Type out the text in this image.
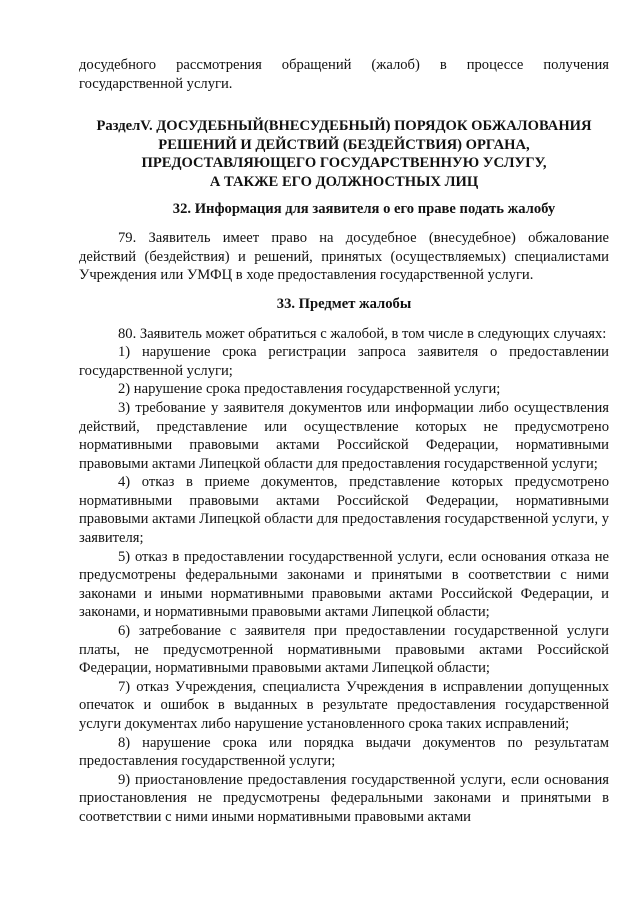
досудебного рассмотрения обращений (жалоб) в процессе получения государственной услуги.

РазделV. ДОСУДЕБНЫЙ(ВНЕСУДЕБНЫЙ) ПОРЯДОК ОБЖАЛОВАНИЯ
РЕШЕНИЙ И ДЕЙСТВИЙ (БЕЗДЕЙСТВИЯ) ОРГАНА,
ПРЕДОСТАВЛЯЮЩЕГО ГОСУДАРСТВЕННУЮ УСЛУГУ,
А ТАКЖЕ ЕГО ДОЛЖНОСТНЫХ ЛИЦ
32. Информация для заявителя о его праве подать жалобу

79. Заявитель имеет право на досудебное (внесудебное) обжалование действий (бездействия) и решений, принятых (осуществляемых) специалистами Учреждения или УМФЦ в ходе предоставления государственной услуги.

33. Предмет жалобы

80. Заявитель может обратиться с жалобой, в том числе в следующих случаях:

1) нарушение срока регистрации запроса заявителя о предоставлении государственной услуги;

2) нарушение срока предоставления государственной услуги;

3) требование у заявителя документов или информации либо осуществления действий, представление или осуществление которых не предусмотрено нормативными правовыми актами Российской Федерации, нормативными правовыми актами Липецкой области для предоставления государственной услуги;

4) отказ в приеме документов, представление которых предусмотрено нормативными правовыми актами Российской Федерации, нормативными правовыми актами Липецкой области для предоставления государственной услуги, у заявителя;

5) отказ в предоставлении государственной услуги, если основания отказа не предусмотрены федеральными законами и принятыми в соответствии с ними законами и иными нормативными правовыми актами Российской Федерации, и законами, и нормативными правовыми актами Липецкой области;

6) затребование с заявителя при предоставлении государственной услуги платы, не предусмотренной нормативными правовыми актами Российской Федерации, нормативными правовыми актами Липецкой области;

7) отказ Учреждения, специалиста Учреждения в исправлении допущенных опечаток и ошибок в выданных в результате предоставления государственной услуги документах либо нарушение установленного срока таких исправлений;

8) нарушение срока или порядка выдачи документов по результатам предоставления государственной услуги;

9) приостановление предоставления государственной услуги, если основания приостановления не предусмотрены федеральными законами и принятыми в соответствии с ними иными нормативными правовыми актами
